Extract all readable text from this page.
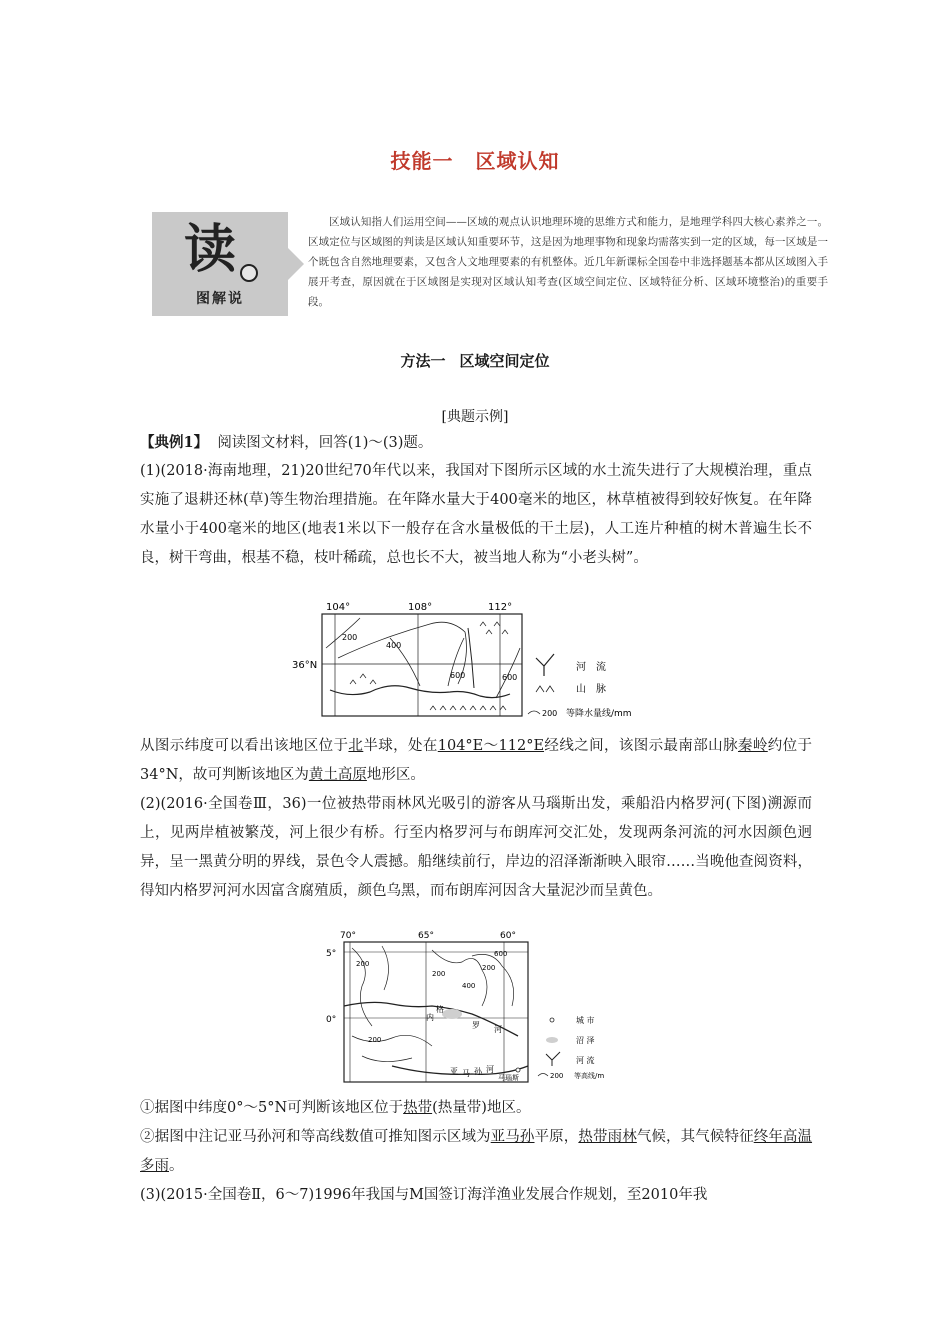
技能一 区域认知
读
图解说
区域认知指人们运用空间——区域的观点认识地理环境的思维方式和能力，是地理学科四大核心素养之一。区域定位与区域图的判读是区域认知重要环节，这是因为地理事物和现象均需落实到一定的区域，每一区域是一个既包含自然地理要素，又包含人文地理要素的有机整体。近几年新课标全国卷中非选择题基本都从区域图入手展开考查，原因就在于区域图是实现对区域认知考查(区域空间定位、区域特征分析、区域环境整治)的重要手段。
方法一 区域空间定位
[典题示例]
【典例1】 阅读图文材料，回答(1)～(3)题。
(1)(2018·海南地理，21)20世纪70年代以来，我国对下图所示区域的水土流失进行了大规模治理，重点实施了退耕还林(草)等生物治理措施。在年降水量大于400毫米的地区，林草植被得到较好恢复。在年降水量小于400毫米的地区(地表1米以下一般存在含水量极低的干土层)，人工连片种植的树木普遍生长不良，树干弯曲，根基不稳，枝叶稀疏，总也长不大，被当地人称为“小老头树”。
104°	108°	112°
36°N
200
400
600	600
河　流
山　脉
200 等降水量线/mm
从图示纬度可以看出该地区位于北半球，处在104°E～112°E经线之间，该图示最南部山脉秦岭约位于34°N，故可判断该地区为黄土高原地形区。
(2)(2016·全国卷Ⅲ，36)一位被热带雨林风光吸引的游客从马瑙斯出发，乘船沿内格罗河(下图)溯源而上，见两岸植被繁茂，河上很少有桥。行至内格罗河与布朗库河交汇处，发现两条河流的河水因颜色迥异，呈一黑黄分明的界线，景色令人震撼。船继续前行，岸边的沼泽渐渐映入眼帘……当晚他查阅资料，得知内格罗河河水因富含腐殖质，颜色乌黑，而布朗库河因含大量泥沙而呈黄色。
70°	65°	60°
5°
0°
200
200
200
400
200
600
内
格
罗 河
亚 马 孙 河
马瑙斯
城 市
沼 泽
河 流
200 等高线/m
①据图中纬度0°～5°N可判断该地区位于热带(热量带)地区。
②据图中注记亚马孙河和等高线数值可推知图示区域为亚马孙平原，热带雨林气候，其气候特征终年高温多雨。
(3)(2015·全国卷Ⅱ，6～7)1996年我国与M国签订海洋渔业发展合作规划，至2010年我
